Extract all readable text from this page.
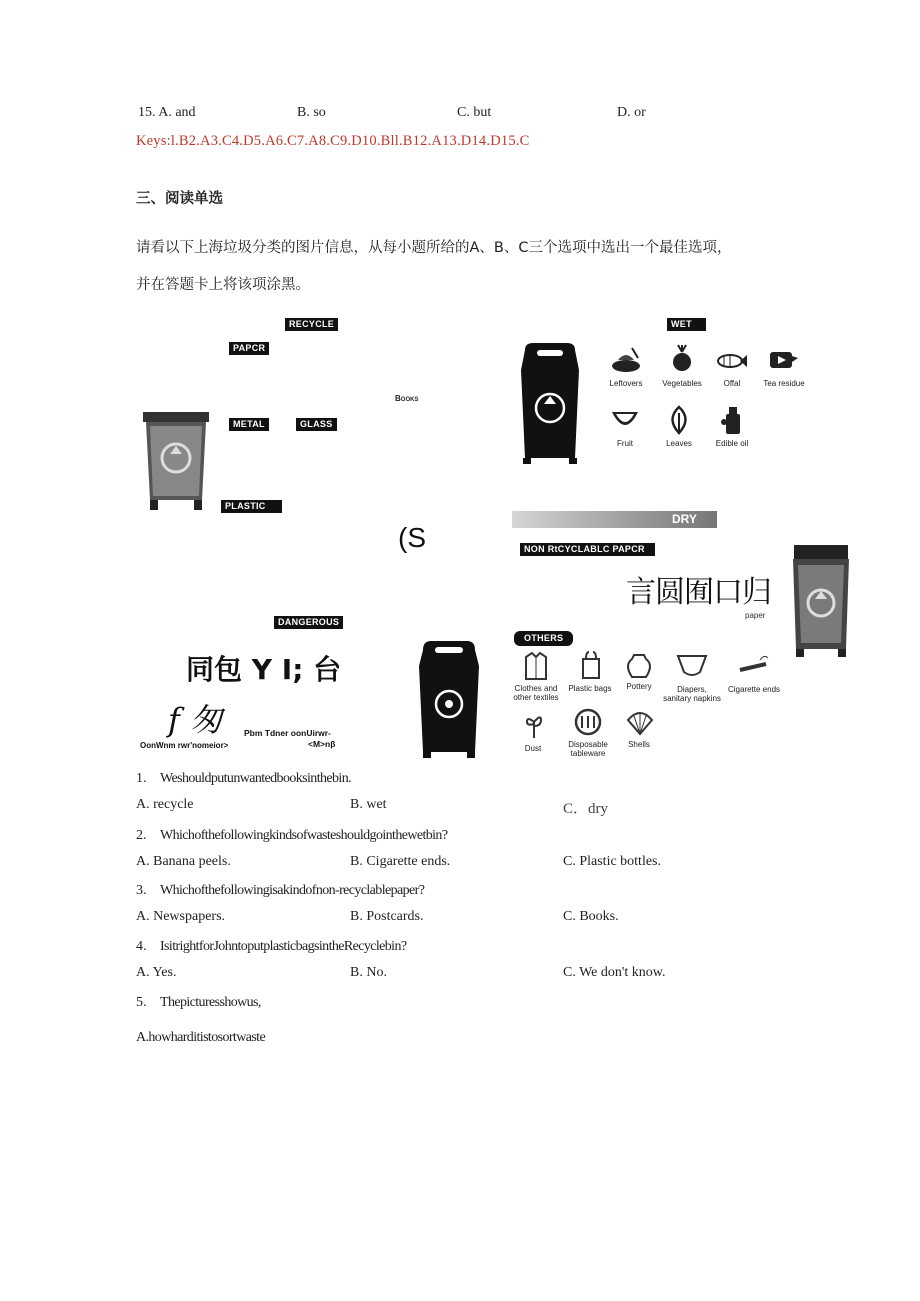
15. A. and	B. so	C. but	D. or
Keys:l.B2.A3.C4.D5.A6.C7.A8.C9.D10.Bll.B12.A13.D14.D15.C
三、阅读单选
请看以下上海垃圾分类的图片信息，从每小题所给的A、B、C三个选项中选出一个最佳选项，
并在答题卡上将该项涂黑。
RECYCLE
PAPCR
Books
METAL	GLASS
PLASTIC
WET
Leftovers	Vegetables	Offal	Tea residue
Fruit	Leaves	Edible oil
DRY
NON RtCYCLABLC PAPCR
言圆囿口归
paper
(S
DANGEROUS
同包 Y I; 台
f 匆	Pbm Tdner oonUirwr-
<M>nβ
OonWnm rwr'nomeior>
OTHERS
Clothes and other textiles
Plastic bags	Pottery	Diapers, sanitary napkins
Cigarette ends
Dust	Disposable tableware
Shells
1. Weshouldputunwantedbooksinthebin.
A. recycle	B. wet	C．dry
2. Whichofthefollowingkindsofwasteshouldgointhewetbin?
A. Banana peels.	B. Cigarette ends.	C. Plastic bottles.
3. Whichofthefollowingisakindofnon-recyclablepaper?
A. Newspapers.	B. Postcards.	C. Books.
4. IsitrightforJohntoputplasticbagsintheRecyclebin?
A. Yes.	B. No.	C. We don't know.
5. Thepicturesshowus,
A.howharditistosortwaste
